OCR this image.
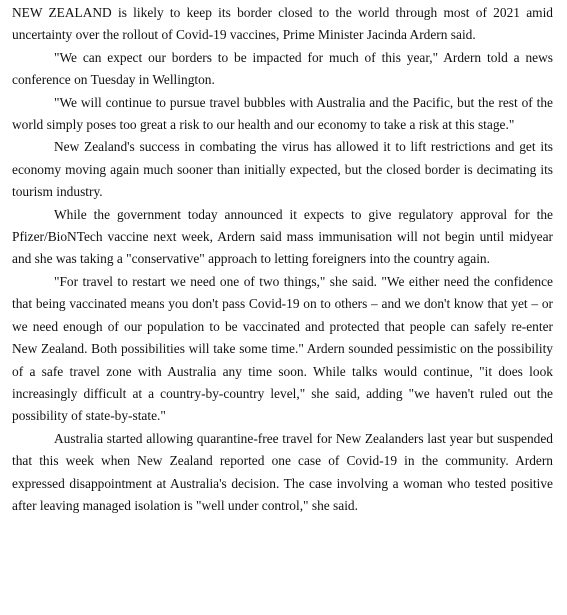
NEW ZEALAND is likely to keep its border closed to the world through most of 2021 amid uncertainty over the rollout of Covid-19 vaccines, Prime Minister Jacinda Ardern said.

"We can expect our borders to be impacted for much of this year," Ardern told a news conference on Tuesday in Wellington.

"We will continue to pursue travel bubbles with Australia and the Pacific, but the rest of the world simply poses too great a risk to our health and our economy to take a risk at this stage."

New Zealand's success in combating the virus has allowed it to lift restrictions and get its economy moving again much sooner than initially expected, but the closed border is decimating its tourism industry.

While the government today announced it expects to give regulatory approval for the Pfizer/BioNTech vaccine next week, Ardern said mass immunisation will not begin until midyear and she was taking a "conservative" approach to letting foreigners into the country again.

"For travel to restart we need one of two things," she said. "We either need the confidence that being vaccinated means you don't pass Covid-19 on to others – and we don't know that yet – or we need enough of our population to be vaccinated and protected that people can safely re-enter New Zealand. Both possibilities will take some time." Ardern sounded pessimistic on the possibility of a safe travel zone with Australia any time soon. While talks would continue, "it does look increasingly difficult at a country-by-country level," she said, adding "we haven't ruled out the possibility of state-by-state."

Australia started allowing quarantine-free travel for New Zealanders last year but suspended that this week when New Zealand reported one case of Covid-19 in the community. Ardern expressed disappointment at Australia's decision. The case involving a woman who tested positive after leaving managed isolation is "well under control," she said.
